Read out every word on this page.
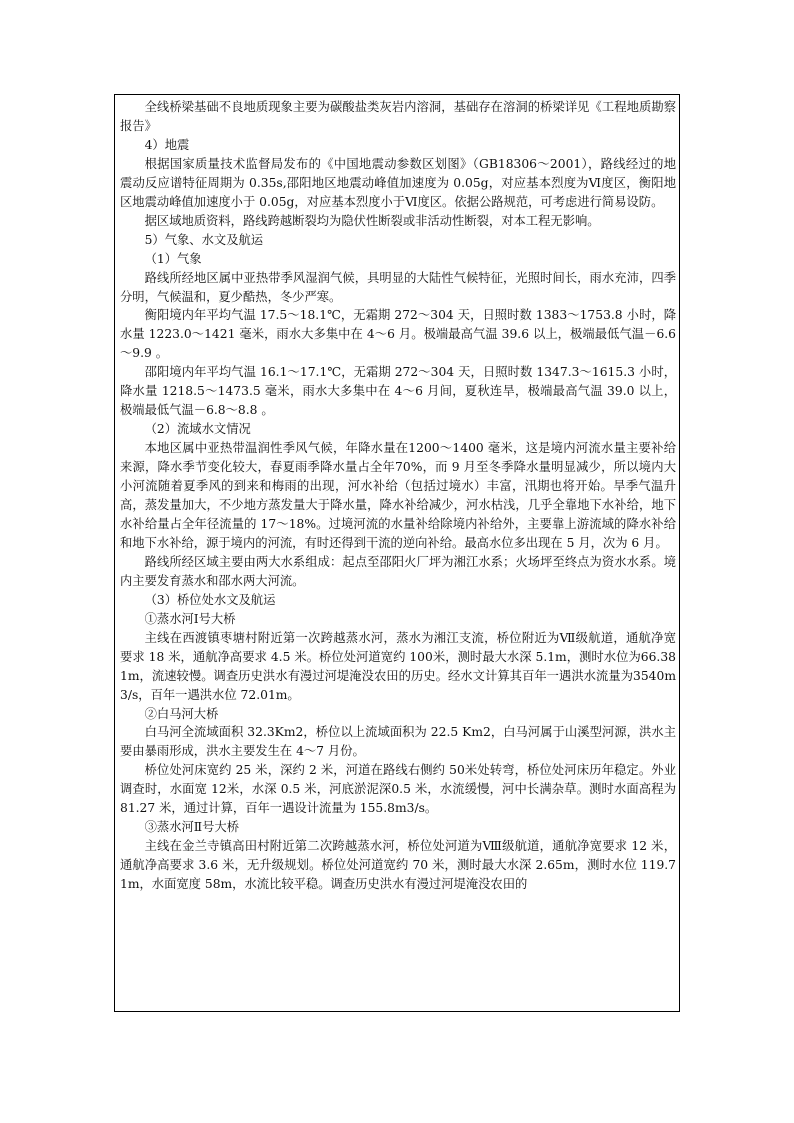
全线桥梁基础不良地质现象主要为碳酸盐类灰岩内溶洞，基础存在溶洞的桥梁详见《工程地质勘察报告》

4）地震

根据国家质量技术监督局发布的《中国地震动参数区划图》（GB18306～2001），路线经过的地震动反应谱特征周期为 0.35s,邵阳地区地震动峰值加速度为 0.05g，对应基本烈度为Ⅵ度区，衡阳地区地震动峰值加速度小于 0.05g，对应基本烈度小于Ⅵ度区。依据公路规范，可考虑进行简易设防。

据区域地质资料，路线跨越断裂均为隐伏性断裂或非活动性断裂，对本工程无影响。

5）气象、水文及航运

（1）气象

路线所经地区属中亚热带季风湿润气候，具明显的大陆性气候特征，光照时间长，雨水充沛，四季分明，气候温和，夏少酷热，冬少严寒。

衡阳境内年平均气温 17.5～18.1℃，无霜期 272～304 天，日照时数 1383～1753.8 小时，降水量 1223.0～1421 毫米，雨水大多集中在 4～6 月。极端最高气温 39.6 以上，极端最低气温－6.6～9.9 。

邵阳境内年平均气温 16.1～17.1℃，无霜期 272～304 天，日照时数 1347.3～1615.3 小时，降水量 1218.5～1473.5 毫米，雨水大多集中在 4～6 月间，夏秋连旱，极端最高气温 39.0 以上，极端最低气温－6.8～8.8 。

（2）流域水文情况

本地区属中亚热带温润性季风气候，年降水量在1200～1400 毫米，这是境内河流水量主要补给来源，降水季节变化较大，春夏雨季降水量占全年70%，而 9 月至冬季降水量明显减少，所以境内大小河流随着夏季风的到来和梅雨的出现，河水补给（包括过境水）丰富，汛期也将开始。旱季气温升高，蒸发量加大，不少地方蒸发量大于降水量，降水补给减少，河水枯浅，几乎全靠地下水补给，地下水补给量占全年径流量的 17～18%。过境河流的水量补给除境内补给外，主要靠上游流域的降水补给和地下水补给，源于境内的河流，有时还得到干流的逆向补给。最高水位多出现在 5 月，次为 6 月。

路线所经区域主要由两大水系组成：起点至邵阳火厂坪为湘江水系；火场坪至终点为资水水系。境内主要发育蒸水和邵水两大河流。

（3）桥位处水文及航运

①蒸水河Ⅰ号大桥

主线在西渡镇枣塘村附近第一次跨越蒸水河，蒸水为湘江支流，桥位附近为Ⅶ级航道，通航净宽要求 18 米，通航净高要求 4.5 米。桥位处河道宽约 100米，测时最大水深 5.1m，测时水位为66.381m，流速较慢。调查历史洪水有漫过河堤淹没农田的历史。经水文计算其百年一遇洪水流量为3540m3/s，百年一遇洪水位 72.01m。

②白马河大桥

白马河全流域面积 32.3Km2，桥位以上流域面积为 22.5 Km2，白马河属于山溪型河源，洪水主要由暴雨形成，洪水主要发生在 4～7 月份。

桥位处河床宽约 25 米，深约 2 米，河道在路线右侧约 50米处转弯，桥位处河床历年稳定。外业调查时，水面宽 12米，水深 0.5 米，河底淤泥深0.5 米，水流缓慢，河中长满杂草。测时水面高程为 81.27 米，通过计算，百年一遇设计流量为 155.8m3/s。

③蒸水河Ⅱ号大桥

主线在金兰寺镇高田村附近第二次跨越蒸水河，桥位处河道为Ⅷ级航道，通航净宽要求 12 米，通航净高要求 3.6 米，无升级规划。桥位处河道宽约 70 米，测时最大水深 2.65m，测时水位 119.71m，水面宽度 58m，水流比较平稳。调查历史洪水有漫过河堤淹没农田的
